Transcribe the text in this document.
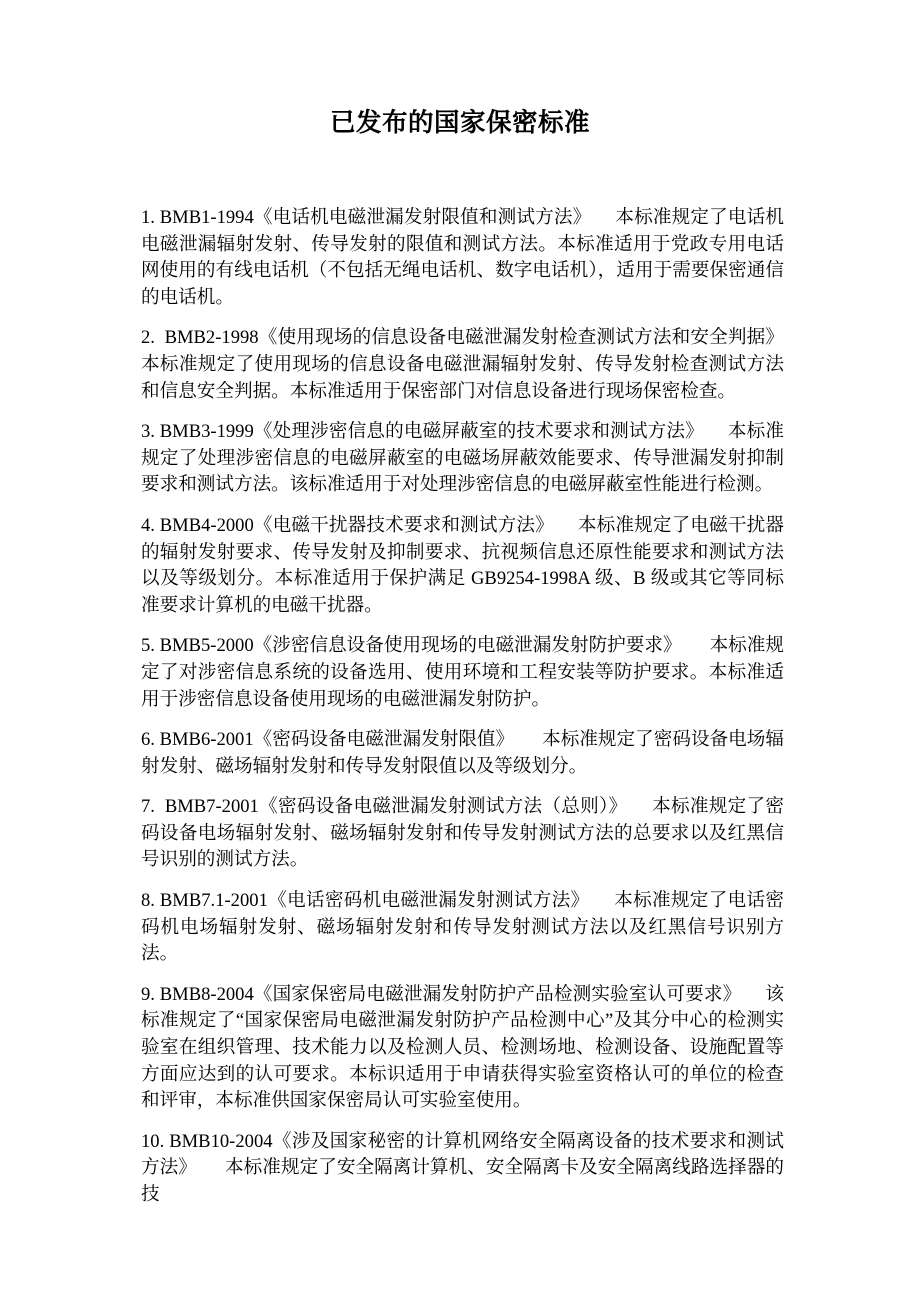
已发布的国家保密标准

1. BMB1-1994《电话机电磁泄漏发射限值和测试方法》 本标准规定了电话机电磁泄漏辐射发射、传导发射的限值和测试方法。本标准适用于党政专用电话网使用的有线电话机（不包括无绳电话机、数字电话机），适用于需要保密通信的电话机。

2. BMB2-1998《使用现场的信息设备电磁泄漏发射检查测试方法和安全判据》本标准规定了使用现场的信息设备电磁泄漏辐射发射、传导发射检查测试方法和信息安全判据。本标准适用于保密部门对信息设备进行现场保密检查。

3. BMB3-1999《处理涉密信息的电磁屏蔽室的技术要求和测试方法》 本标准规定了处理涉密信息的电磁屏蔽室的电磁场屏蔽效能要求、传导泄漏发射抑制要求和测试方法。该标准适用于对处理涉密信息的电磁屏蔽室性能进行检测。

4. BMB4-2000《电磁干扰器技术要求和测试方法》 本标准规定了电磁干扰器的辐射发射要求、传导发射及抑制要求、抗视频信息还原性能要求和测试方法以及等级划分。本标准适用于保护满足 GB9254-1998A 级、B 级或其它等同标准要求计算机的电磁干扰器。

5. BMB5-2000《涉密信息设备使用现场的电磁泄漏发射防护要求》 本标准规定了对涉密信息系统的设备选用、使用环境和工程安装等防护要求。本标准适用于涉密信息设备使用现场的电磁泄漏发射防护。

6. BMB6-2001《密码设备电磁泄漏发射限值》 本标准规定了密码设备电场辐射发射、磁场辐射发射和传导发射限值以及等级划分。

7. BMB7-2001《密码设备电磁泄漏发射测试方法（总则）》 本标准规定了密码设备电场辐射发射、磁场辐射发射和传导发射测试方法的总要求以及红黑信号识别的测试方法。

8. BMB7.1-2001《电话密码机电磁泄漏发射测试方法》 本标准规定了电话密码机电场辐射发射、磁场辐射发射和传导发射测试方法以及红黑信号识别方法。

9. BMB8-2004《国家保密局电磁泄漏发射防护产品检测实验室认可要求》 该标准规定了“国家保密局电磁泄漏发射防护产品检测中心”及其分中心的检测实验室在组织管理、技术能力以及检测人员、检测场地、检测设备、设施配置等方面应达到的认可要求。本标识适用于申请获得实验室资格认可的单位的检查和评审，本标准供国家保密局认可实验室使用。

10. BMB10-2004《涉及国家秘密的计算机网络安全隔离设备的技术要求和测试方法》 本标准规定了安全隔离计算机、安全隔离卡及安全隔离线路选择器的技
